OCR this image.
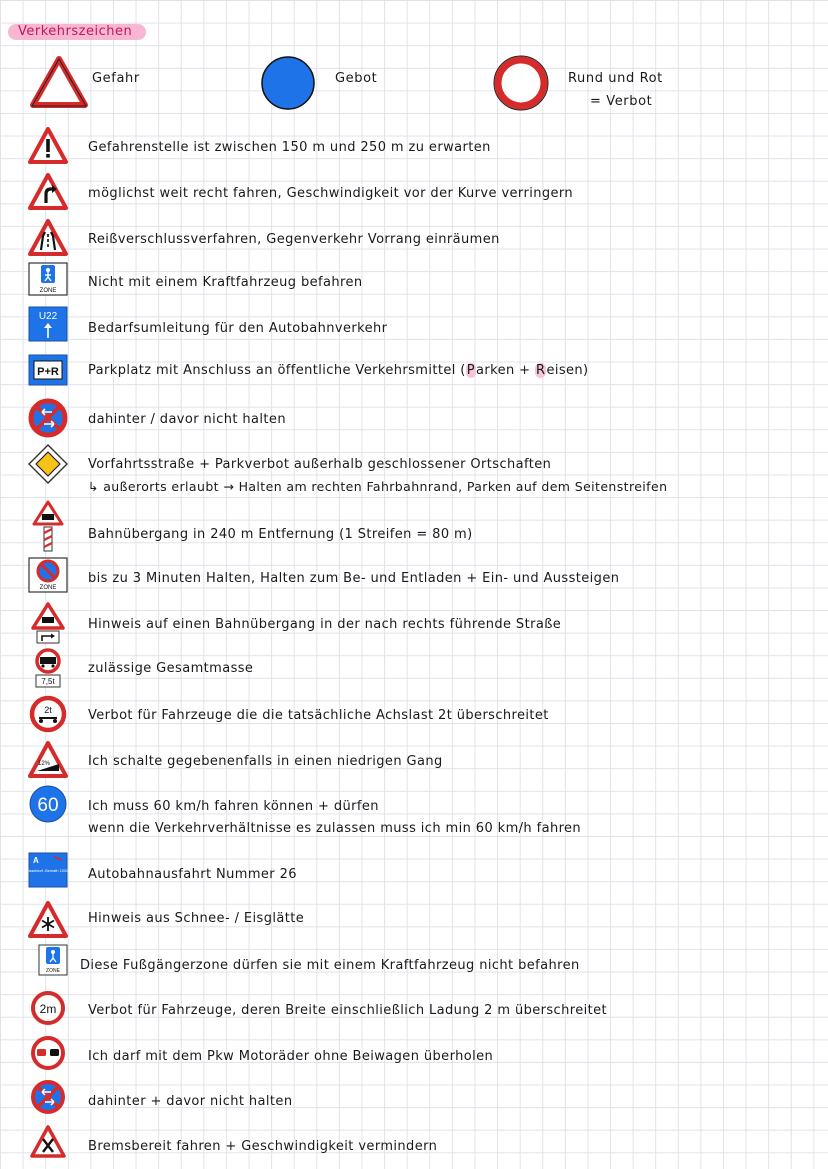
Verkehrszeichen
Gefahr	Gebot	Rund und Rot
= Verbot
Gefahrenstelle ist zwischen 150 m und 250 m zu erwarten
möglichst weit recht fahren, Geschwindigkeit vor der Kurve verringern
Reißverschlussverfahren, Gegenverkehr Vorrang einräumen
ZONE
Nicht mit einem Kraftfahrzeug befahren
U22
Bedarfsumleitung für den Autobahnverkehr
P+R Parkplatz mit Anschluss an öffentliche Verkehrsmittel (Parken + Reisen)
dahinter / davor nicht halten
Vorfahrtsstraße + Parkverbot außerhalb geschlossener Ortschaften
↳ außerorts erlaubt → Halten am rechten Fahrbahnrand, Parken auf dem Seitenstreifen
Bahnübergang in 240 m Entfernung (1 Streifen = 80 m)
ZONE
bis zu 3 Minuten Halten, Halten zum Be- und Entladen + Ein- und Aussteigen
Hinweis auf einen Bahnübergang in der nach rechts führende Straße
7,5t
zulässige Gesamtmasse
2t	Verbot für Fahrzeuge die die tatsächliche Achslast 2t überschreitet
12%	Ich schalte gegebenenfalls in einen niedrigen Gang
60 Ich muss 60 km/h fahren können + dürfen
wenn die Verkehrverhältnisse es zulassen muss ich min 60 km/h fahren
A
Düsseldorf -Benrath 1000m Autobahnausfahrt Nummer 26
Hinweis aus Schnee- / Eisglätte
ZONE Diese Fußgängerzone dürfen sie mit einem Kraftfahrzeug nicht befahren
2m Verbot für Fahrzeuge, deren Breite einschließlich Ladung 2 m überschreitet
Ich darf mit dem Pkw Motoräder ohne Beiwagen überholen
dahinter + davor nicht halten
Bremsbereit fahren + Geschwindigkeit vermindern
